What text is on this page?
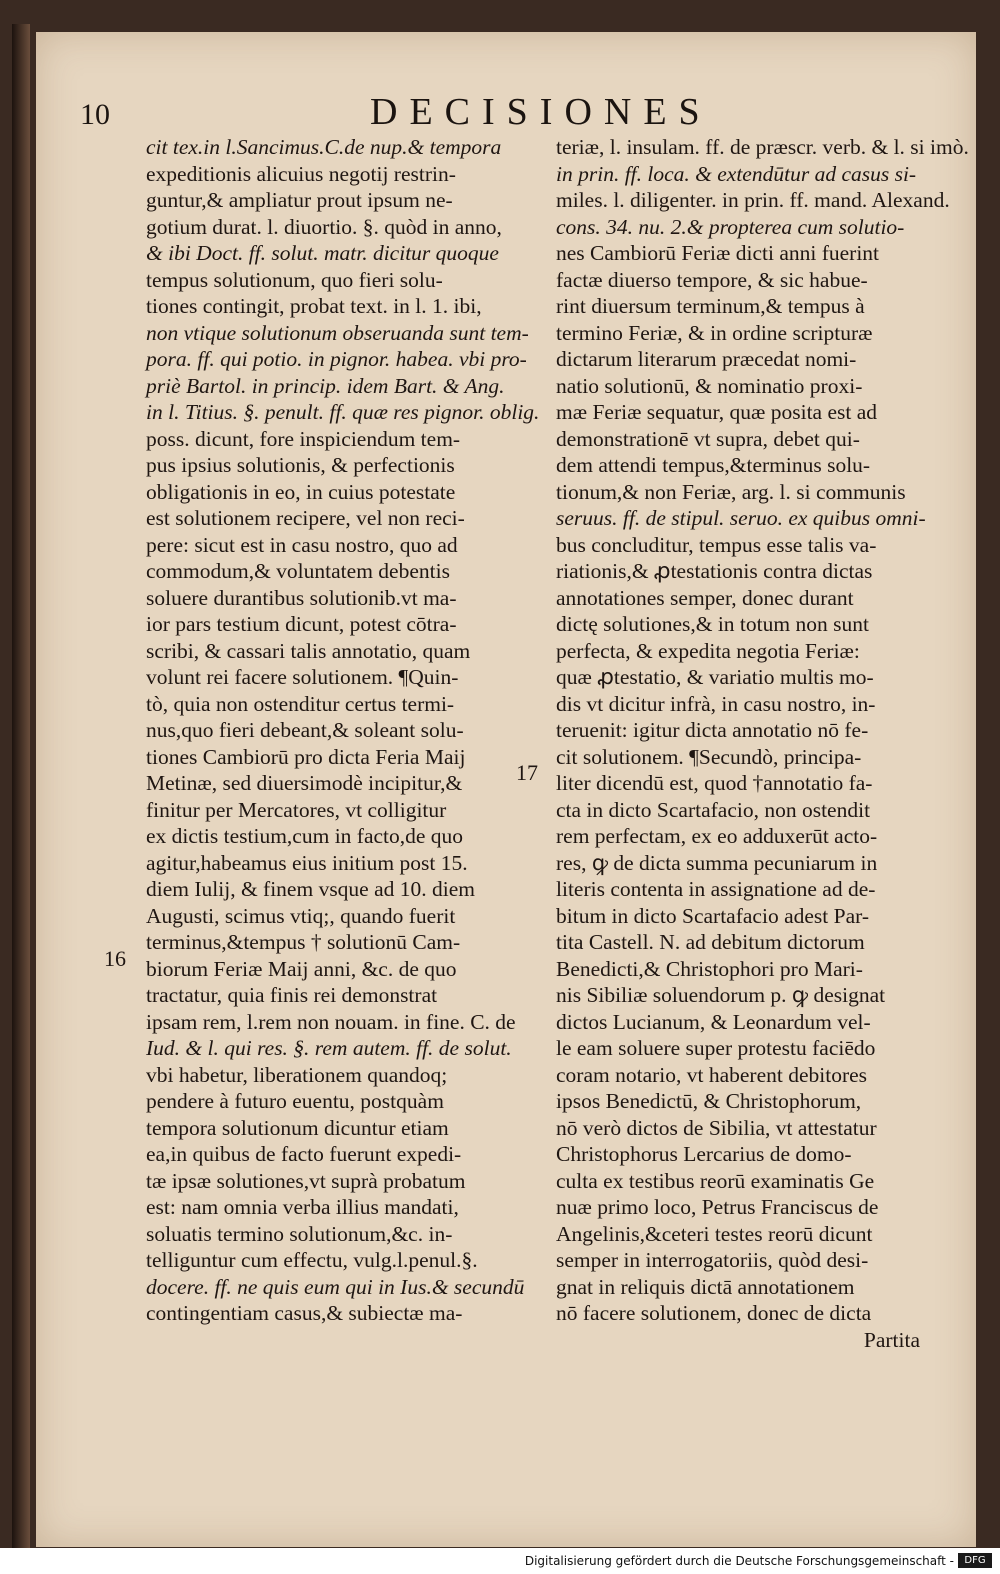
10	DECISIONES
cit tex.in l.Sancimus.C.de nup.& tempora
expeditionis alicuius negotij restrin-
guntur,& ampliatur prout ipsum ne-
gotium durat. l. diuortio. §. quòd in anno,
& ibi Doct. ff. solut. matr. dicitur quoque
tempus solutionum, quo fieri solu-
tiones contingit, probat text. in l. 1. ibi,
non vtique solutionum obseruanda sunt tem-
pora. ff. qui potio. in pignor. habea. vbi pro-
priè Bartol. in princip. idem Bart. & Ang.
in l. Titius. §. penult. ff. quæ res pignor. oblig.
poss. dicunt, fore inspiciendum tem-
pus ipsius solutionis, & perfectionis
obligationis in eo, in cuius potestate
est solutionem recipere, vel non reci-
pere: sicut est in casu nostro, quo ad
commodum,& voluntatem debentis
soluere durantibus solutionib.vt ma-
ior pars testium dicunt, potest cōtra-
scribi, & cassari talis annotatio, quam
volunt rei facere solutionem. ¶Quin-
tò, quia non ostenditur certus termi-
nus,quo fieri debeant,& soleant solu-
tiones Cambiorū pro dicta Feria Maij
Metinæ, sed diuersimodè incipitur,&
finitur per Mercatores, vt colligitur
ex dictis testium,cum in facto,de quo
agitur,habeamus eius initium post 15.
diem Iulij, & finem vsque ad 10. diem
Augusti, scimus vtiq;, quando fuerit
terminus,&tempus † solutionū Cam-
biorum Feriæ Maij anni, &c. de quo
tractatur, quia finis rei demonstrat
ipsam rem, l.rem non nouam. in fine. C. de
Iud. & l. qui res. §. rem autem. ff. de solut.
vbi habetur, liberationem quandoq;
pendere à futuro euentu, postquàm
tempora solutionum dicuntur etiam
ea,in quibus de facto fuerunt expedi-
tæ ipsæ solutiones,vt suprà probatum
est: nam omnia verba illius mandati,
soluatis termino solutionum,&c. in-
telliguntur cum effectu, vulg.l.penul.§.
docere. ff. ne quis eum qui in Ius.& secundū
contingentiam casus,& subiectæ ma-
teriæ, l. insulam. ff. de præscr. verb. & l. si imò.
in prin. ff. loca. & extendūtur ad casus si-
miles. l. diligenter. in prin. ff. mand. Alexand.
cons. 34. nu. 2.& propterea cum solutio-
nes Cambiorū Feriæ dicti anni fuerint
factæ diuerso tempore, & sic habue-
rint diuersum terminum,& tempus à
termino Feriæ, & in ordine scripturæ
dictarum literarum præcedat nomi-
natio solutionū, & nominatio proxi-
mæ Feriæ sequatur, quæ posita est ad
demonstrationē vt supra, debet qui-
dem attendi tempus,&terminus solu-
tionum,& non Feriæ, arg. l. si communis
seruus. ff. de stipul. seruo. ex quibus omni-
bus concluditur, tempus esse talis va-
riationis,& ꝓtestationis contra dictas
annotationes semper, donec durant
dictę solutiones,& in totum non sunt
perfecta, & expedita negotia Feriæ:
quæ ꝓtestatio, & variatio multis mo-
dis vt dicitur infrà, in casu nostro, in-
teruenit: igitur dicta annotatio nō fe-
cit solutionem. ¶Secundò, principa-
liter dicendū est, quod †annotatio fa-
cta in dicto Scartafacio, non ostendit
rem perfectam, ex eo adduxerūt acto-
res, ꝙ de dicta summa pecuniarum in
literis contenta in assignatione ad de-
bitum in dicto Scartafacio adest Par-
tita Castell. N. ad debitum dictorum
Benedicti,& Christophori pro Mari-
nis Sibiliæ soluendorum p. ꝙ designat
dictos Lucianum, & Leonardum vel-
le eam soluere super protestu faciēdo
coram notario, vt haberent debitores
ipsos Benedictū, & Christophorum,
nō verò dictos de Sibilia, vt attestatur
Christophorus Lercarius de domo-
culta ex testibus reorū examinatis Ge
nuæ primo loco, Petrus Franciscus de
Angelinis,&ceteri testes reorū dicunt
semper in interrogatoriis, quòd desi-
gnat in reliquis dictā annotationem
nō facere solutionem, donec de dicta
Partita
16
17
Digitalisierung gefördert durch die Deutsche Forschungsgemeinschaft -	DFG
